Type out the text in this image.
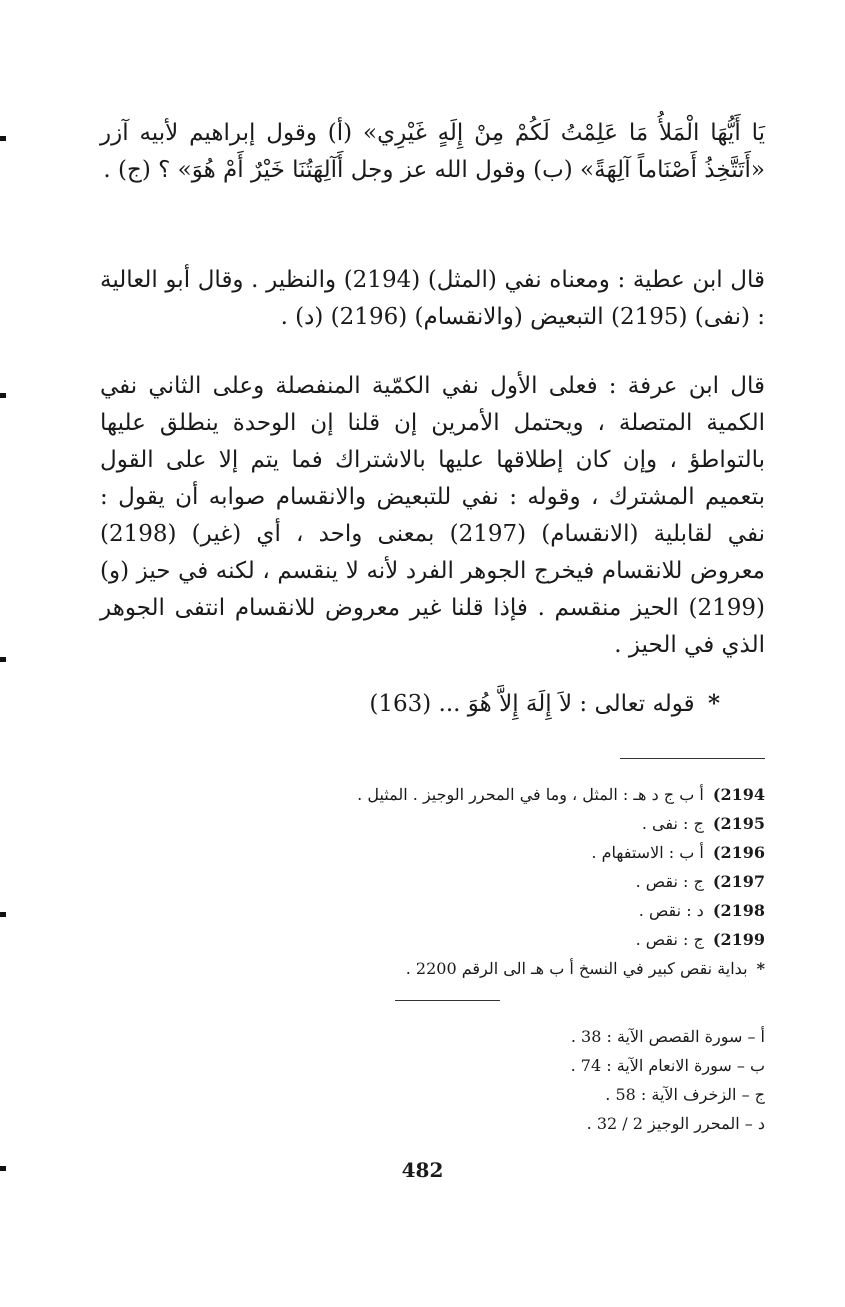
يَا أَيُّهَا الْمَلأُ مَا عَلِمْتُ لَكُمْ مِنْ إِلَهٍ غَيْرِي» (أ) وقول إبراهيم لأبيه آزر «أَتَتَّخِذُ أَصْنَاماً آلِهَةً» (ب) وقول الله عز وجل أَآلِهَتُنَا خَيْرٌ أَمْ هُوَ» ؟ (ج) .

قال ابن عطية : ومعناه نفي (المثل) (2194) والنظير . وقال أبو العالية : (نفى) (2195) التبعيض (والانقسام) (2196) (د) .

قال ابن عرفة : فعلى الأول نفي الكمّية المنفصلة وعلى الثاني نفي الكمية المتصلة ، ويحتمل الأمرين إن قلنا إن الوحدة ينطلق عليها بالتواطؤ ، وإن كان إطلاقها عليها بالاشتراك فما يتم إلا على القول بتعميم المشترك ، وقوله : نفي للتبعيض والانقسام صوابه أن يقول : نفي لقابلية (الانقسام) (2197) بمعنى واحد ، أي (غير) (2198) معروض للانقسام فيخرج الجوهر الفرد لأنه لا ينقسم ، لكنه في حيز (و) (2199) الحيز منقسم . فإذا قلنا غير معروض للانقسام انتفى الجوهر الذي في الحيز .

* قوله تعالى : لاَ إِلَهَ إِلاَّ هُوَ ... (163)
2194) أ ب ج د هـ : المثل ، وما في المحرر الوجيز . المثيل .
2195) ج : نفى .
2196) أ ب : الاستفهام .
2197) ج : نقص .
2198) د : نقص .
2199) ج : نقص .
* بداية نقص كبير في النسخ أ ب هـ الى الرقم 2200 .
أ – سورة القصص الآية : 38 .
ب – سورة الانعام الآية : 74 .
ج – الزخرف الآية : 58 .
د – المحرر الوجيز 2 / 32 .
482
